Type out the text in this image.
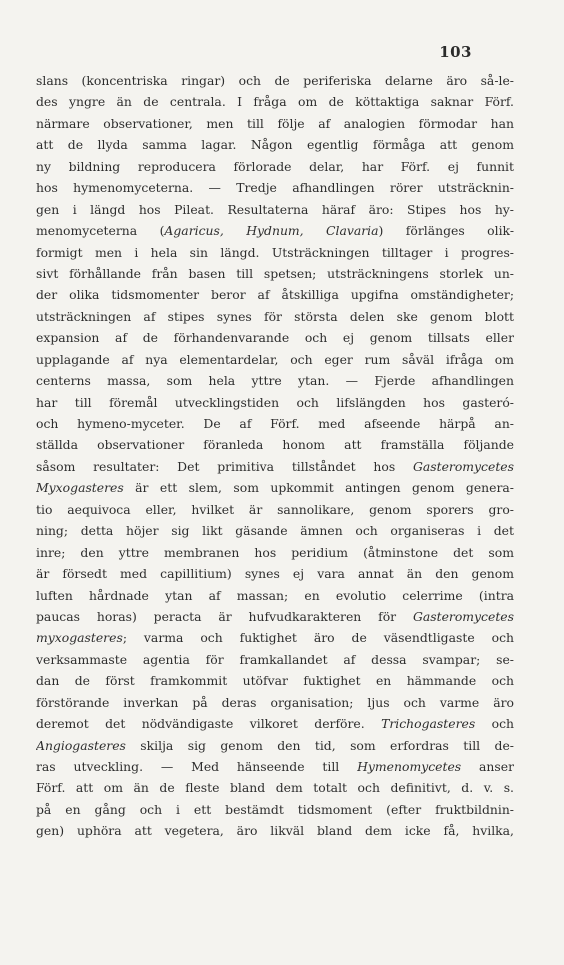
103
slans (koncentriska ringar) och de periferiska delarne äro så-le-
des yngre än de centrala. I fråga om de köttaktiga saknar Förf.
närmare observationer, men till följe af analogien förmodar han
att de llyda samma lagar. Någon egentlig förmåga att genom
ny bildning reproducera förlorade delar, har Förf. ej funnit
hos hymenomyceterna. — Tredje afhandlingen rörer utsträcknin-
gen i längd hos Pileat. Resultaterna häraf äro: Stipes hos hy-
menomyceterna (Agaricus, Hydnum, Clavaria) förlänges olik-
formigt men i hela sin längd. Utsträckningen tilltager i progres-
sivt förhållande från basen till spetsen; utsträckningens storlek un-
der olika tidsmomenter beror af åtskilliga upgifna omständigheter;
utsträckningen af stipes synes för största delen ske genom blott
expansion af de förhandenvarande och ej genom tillsats eller
upplagande af nya elementardelar, och eger rum såväl ifråga om
centerns massa, som hela yttre ytan. — Fjerde afhandlingen
har till föremål utvecklingstiden och lifslängden hos gasteró-
och hymeno-myceter. De af Förf. med afseende härpå an-
ställda observationer föranleda honom att framställa följande
såsom resultater: Det primitiva tillståndet hos Gasteromycetes
Myxogasteres är ett slem, som upkommit antingen genom genera-
tio aequivoca eller, hvilket är sannolikare, genom sporers gro-
ning; detta höjer sig likt gäsande ämnen och organiseras i det
inre; den yttre membranen hos peridium (åtminstone det som
är försedt med capillitium) synes ej vara annat än den genom
luften hårdnade ytan af massan; en evolutio celerrime (intra
paucas horas) peracta är hufvudkarakteren för Gasteromycetes
myxogasteres; varma och fuktighet äro de väsendtligaste och
verksammaste agentia för framkallandet af dessa svampar; se-
dan de först framkommit utöfvar fuktighet en hämmande och
förstörande inverkan på deras organisation; ljus och varme äro
deremot det nödvändigaste vilkoret derföre. Trichogasteres och
Angiogasteres skilja sig genom den tid, som erfordras till de-
ras utveckling. — Med hänseende till Hymenomycetes anser
Förf. att om än de fleste bland dem totalt och definitivt, d. v. s.
på en gång och i ett bestämdt tidsmoment (efter fruktbildnin-
gen) uphöra att vegetera, äro likväl bland dem icke få, hvilka,
